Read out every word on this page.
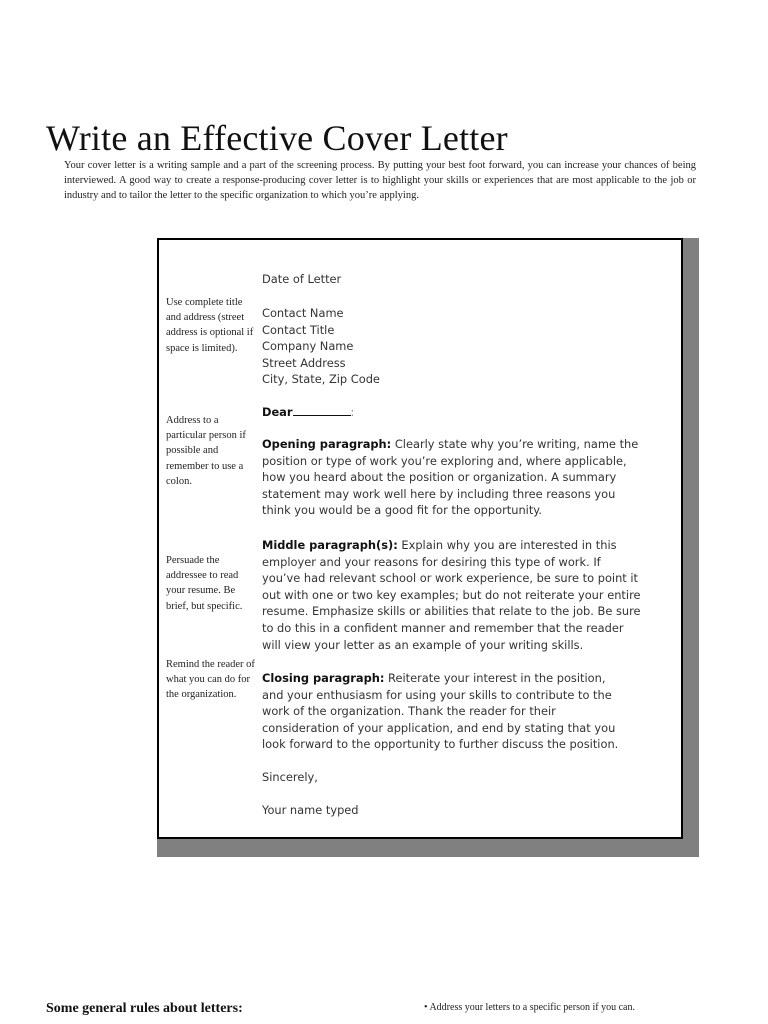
Write an Effective Cover Letter
Your cover letter is a writing sample and a part of the screening process. By putting your best foot forward, you can increase your chances of being interviewed. A good way to create a response-producing cover letter is to highlight your skills or experiences that are most applicable to the job or industry and to tailor the letter to the specific organization to which you’re applying.
Use complete title and address (street address is optional if space is limited).
Address to a particular person if possible and remember to use a colon.
Persuade the addressee to read your resume. Be brief, but specific.
Remind the reader of what you can do for the organization.
Date of Letter
Contact Name
Contact Title
Company Name
Street Address
City, State, Zip Code
Dear	:
Opening paragraph: Clearly state why you’re writing, name the position or type of work you’re exploring and, where applicable, how you heard about the position or organization. A summary statement may work well here by including three reasons you think you would be a good fit for the opportunity.
Middle paragraph(s): Explain why you are interested in this employer and your reasons for desiring this type of work. If you’ve had relevant school or work experience, be sure to point it out with one or two key examples; but do not reiterate your entire resume. Emphasize skills or abilities that relate to the job. Be sure to do this in a confident manner and remember that the reader will view your letter as an example of your writing skills.
Closing paragraph: Reiterate your interest in the position, and your enthusiasm for using your skills to contribute to the work of the organization. Thank the reader for their consideration of your application, and end by stating that you look forward to the opportunity to further discuss the position.
Sincerely,
Your name typed
Some general rules about letters:	• Address your letters to a specific person if you can.
